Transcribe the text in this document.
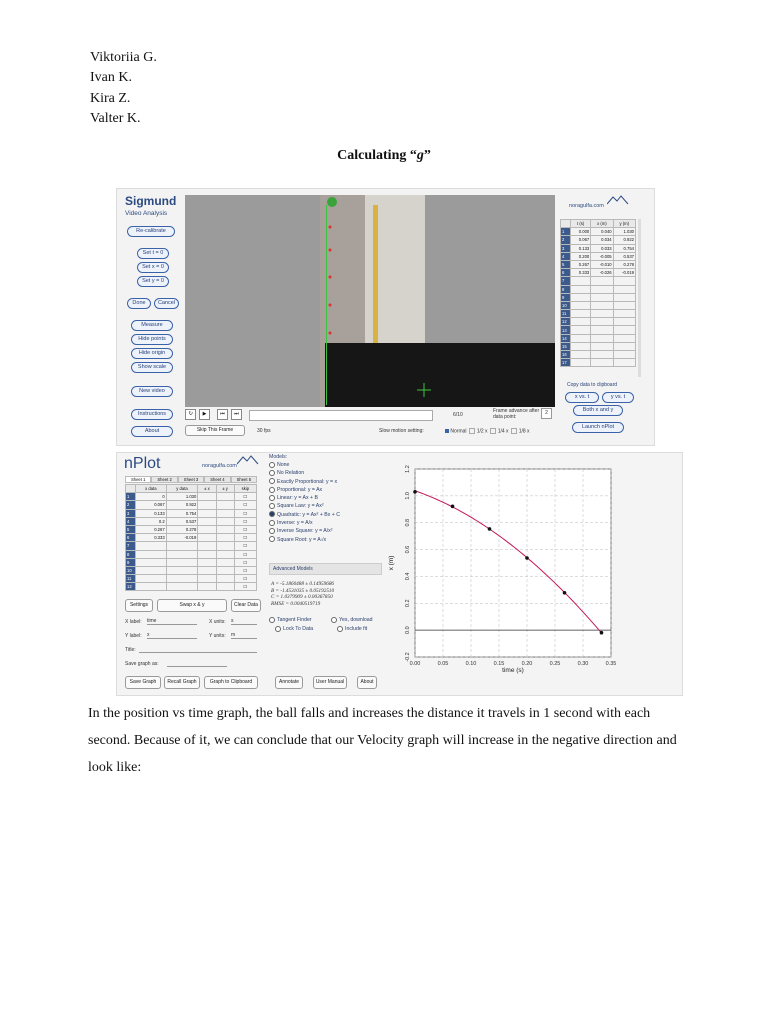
Viktoriia G.
Ivan K.
Kira Z.
Valter K.
Calculating “g”
Sigmund
Video Analysis
Re-calibrate
Set t = 0
Set x = 0
Set y = 0
Done	Cancel
Measure
Hide points
Hide origin
Show scale
New video
Instructions
About
↻	▶	⏮	⏭	6/10
Frame advance after data point:
2
Skip This Frame	30 fps	Slow motion setting:	Normal 1/2 x 1/4 x 1/8 x
noragulfa.com
	t (s)	x (m)	y (m)
1	0.000	0.040	1.030
2	0.067	0.034	0.922
3	0.133	0.033	0.754
4	0.200	-0.005	0.537
5	0.267	-0.010	0.278
6	0.333	-0.026	-0.019
7			
8			
9			
10			
11			
12			
13			
14			
15			
16			
17			
Copy data to clipboard
x vs. t	y vs. t
Both x and y
Launch nPlot
nPlot	noragulfa.com
Sheet 1	Sheet 2	Sheet 3	Sheet 4	Sheet 5
	x data	y data	± x	± y	skip
1	0	1.030			☐
2	0.067	0.922			☐
3	0.133	0.754			☐
4	0.2	0.537			☐
5	0.267	0.278			☐
6	0.333	-0.019			☐
7					☐
8					☐
9					☐
10					☐
11					☐
12					☐
Settings	Swap x & y	Clear Data
X label: time	X units: s
Y label: x	Y units: m
Title:
Save graph as:
Save Graph	Recall Graph	Graph to Clipboard	Annotate	User Manual	About
Models:
None
No Relation
Exactly Proportional: y = x
Proportional: y = Ax
Linear: y = Ax + B
Square Law: y = Ax²
Quadratic: y = Ax² + Bx + C
Inverse: y = A/x
Inverse Square: y = A/x²
Square Root: y = A√x
Advanced Models
A = -5.1860488 ± 0.14959686
B = -1.4531035 ± 0.05192510
C = 1.0379909 ± 0.00367850
RMSE = 0.0040519719
Tangent Finder	Yes, download
Lock To Data	Include fit
0.00	0.05	0.10	0.15	0.20	0.25	0.30	0.35
-0.2
0.0
0.2
0.4
0.6
0.8
1.0
1.2
time (s)
x (m)
In the position vs time graph, the ball falls and increases the distance it travels in 1 second with each second. Because of it, we can conclude that our Velocity graph will increase in the negative direction and look like:
